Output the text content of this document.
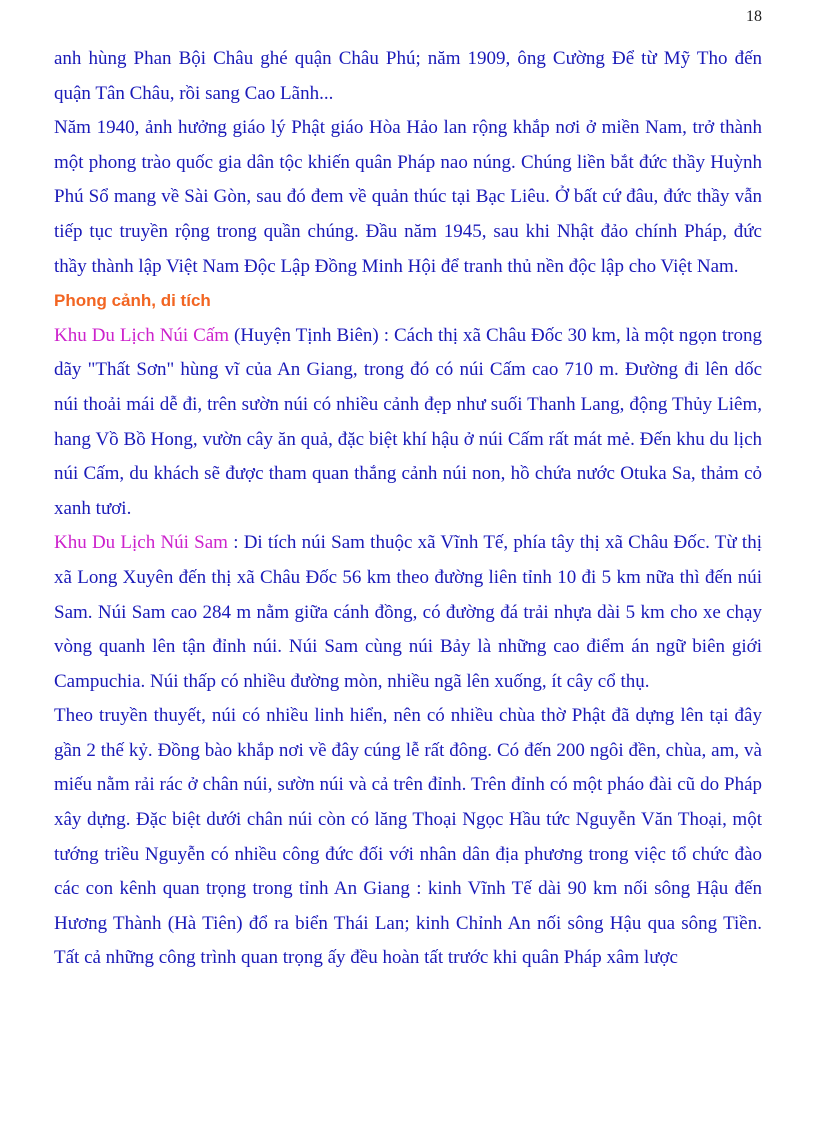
18

anh hùng Phan Bội Châu ghé quận Châu Phú; năm 1909, ông Cường Để từ Mỹ Tho đến quận Tân Châu, rồi sang Cao Lãnh...

Năm 1940, ảnh hưởng giáo lý Phật giáo Hòa Hảo lan rộng khắp nơi ở miền Nam, trở thành một phong trào quốc gia dân tộc khiến quân Pháp nao núng. Chúng liền bắt đức thầy Huỳnh Phú Sổ mang về Sài Gòn, sau đó đem về quản thúc tại Bạc Liêu. Ở bất cứ đâu, đức thầy vẫn tiếp tục truyền rộng trong quần chúng. Đầu năm 1945, sau khi Nhật đảo chính Pháp, đức thầy thành lập Việt Nam Độc Lập Đồng Minh Hội để tranh thủ nền độc lập cho Việt Nam.

Phong cảnh, di tích

Khu Du Lịch Núi Cấm (Huyện Tịnh Biên) : Cách thị xã Châu Đốc 30 km, là một ngọn trong dãy "Thất Sơn" hùng vĩ của An Giang, trong đó có núi Cấm cao 710 m. Đường đi lên dốc núi thoải mái dễ đi, trên sườn núi có nhiều cảnh đẹp như suối Thanh Lang, động Thủy Liêm, hang Vồ Bồ Hong, vườn cây ăn quả, đặc biệt khí hậu ở núi Cấm rất mát mẻ. Đến khu du lịch núi Cấm, du khách sẽ được tham quan thắng cảnh núi non, hồ chứa nước Otuka Sa, thảm cỏ xanh tươi.

Khu Du Lịch Núi Sam : Di tích núi Sam thuộc xã Vĩnh Tế, phía tây thị xã Châu Đốc. Từ thị xã Long Xuyên đến thị xã Châu Đốc 56 km theo đường liên tỉnh 10 đi 5 km nữa thì đến núi Sam. Núi Sam cao 284 m nằm giữa cánh đồng, có đường đá trải nhựa dài 5 km cho xe chạy vòng quanh lên tận đỉnh núi. Núi Sam cùng núi Bảy là những cao điểm án ngữ biên giới Campuchia. Núi thấp có nhiều đường mòn, nhiều ngã lên xuống, ít cây cổ thụ.

Theo truyền thuyết, núi có nhiều linh hiển, nên có nhiều chùa thờ Phật đã dựng lên tại đây gần 2 thế kỷ. Đồng bào khắp nơi về đây cúng lễ rất đông. Có đến 200 ngôi đền, chùa, am, và miếu nằm rải rác ở chân núi, sườn núi và cả trên đỉnh. Trên đỉnh có một pháo đài cũ do Pháp xây dựng. Đặc biệt dưới chân núi còn có lăng Thoại Ngọc Hầu tức Nguyễn Văn Thoại, một tướng triều Nguyễn có nhiều công đức đối với nhân dân địa phương trong việc tổ chức đào các con kênh quan trọng trong tỉnh An Giang : kinh Vĩnh Tế dài 90 km nối sông Hậu đến Hương Thành (Hà Tiên) đổ ra biển Thái Lan; kinh Chỉnh An nối sông Hậu qua sông Tiền. Tất cả những công trình quan trọng ấy đều hoàn tất trước khi quân Pháp xâm lược
